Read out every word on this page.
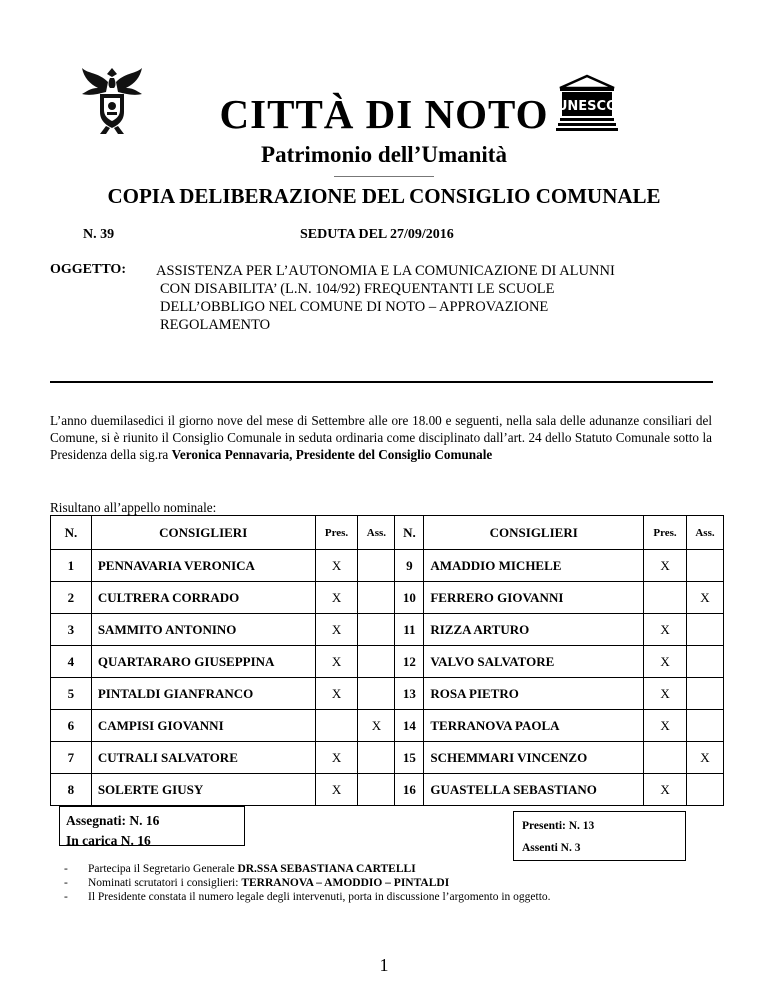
UNESCO
CITTÀ DI NOTO
Patrimonio dell’Umanità
COPIA DELIBERAZIONE DEL CONSIGLIO COMUNALE
N. 39	SEDUTA DEL 27/09/2016
OGGETTO: ASSISTENZA PER L’AUTONOMIA E LA COMUNICAZIONE DI ALUNNI
CON DISABILITA’ (L.N. 104/92) FREQUENTANTI LE SCUOLE
DELL’OBBLIGO NEL COMUNE DI NOTO – APPROVAZIONE
REGOLAMENTO
L’anno duemilasedici il giorno nove del mese di Settembre alle ore 18.00 e seguenti, nella sala delle adunanze consiliari del Comune, si è riunito il Consiglio Comunale in seduta ordinaria come disciplinato dall’art. 24 dello Statuto Comunale sotto la Presidenza della sig.ra Veronica Pennavaria, Presidente del Consiglio Comunale
Risultano all’appello nominale:
N.	CONSIGLIERI	Pres.	Ass.	N.	CONSIGLIERI	Pres.	Ass.
1	PENNAVARIA VERONICA	X		9	AMADDIO MICHELE	X	
2	CULTRERA CORRADO	X		10	FERRERO GIOVANNI		X
3	SAMMITO ANTONINO	X		11	RIZZA ARTURO	X	
4	QUARTARARO GIUSEPPINA	X		12	VALVO SALVATORE	X	
5	PINTALDI GIANFRANCO	X		13	ROSA PIETRO	X	
6	CAMPISI GIOVANNI		X	14	TERRANOVA PAOLA	X	
7	CUTRALI SALVATORE	X		15	SCHEMMARI VINCENZO		X
8	SOLERTE GIUSY	X		16	GUASTELLA SEBASTIANO	X	
Assegnati: N. 16
In carica N. 16
Presenti: N. 13
Assenti N. 3
- Partecipa il Segretario Generale DR.SSA SEBASTIANA CARTELLI
- Nominati scrutatori i consiglieri: TERRANOVA – AMODDIO – PINTALDI
- Il Presidente constata il numero legale degli intervenuti, porta in discussione l’argomento in oggetto.
1
